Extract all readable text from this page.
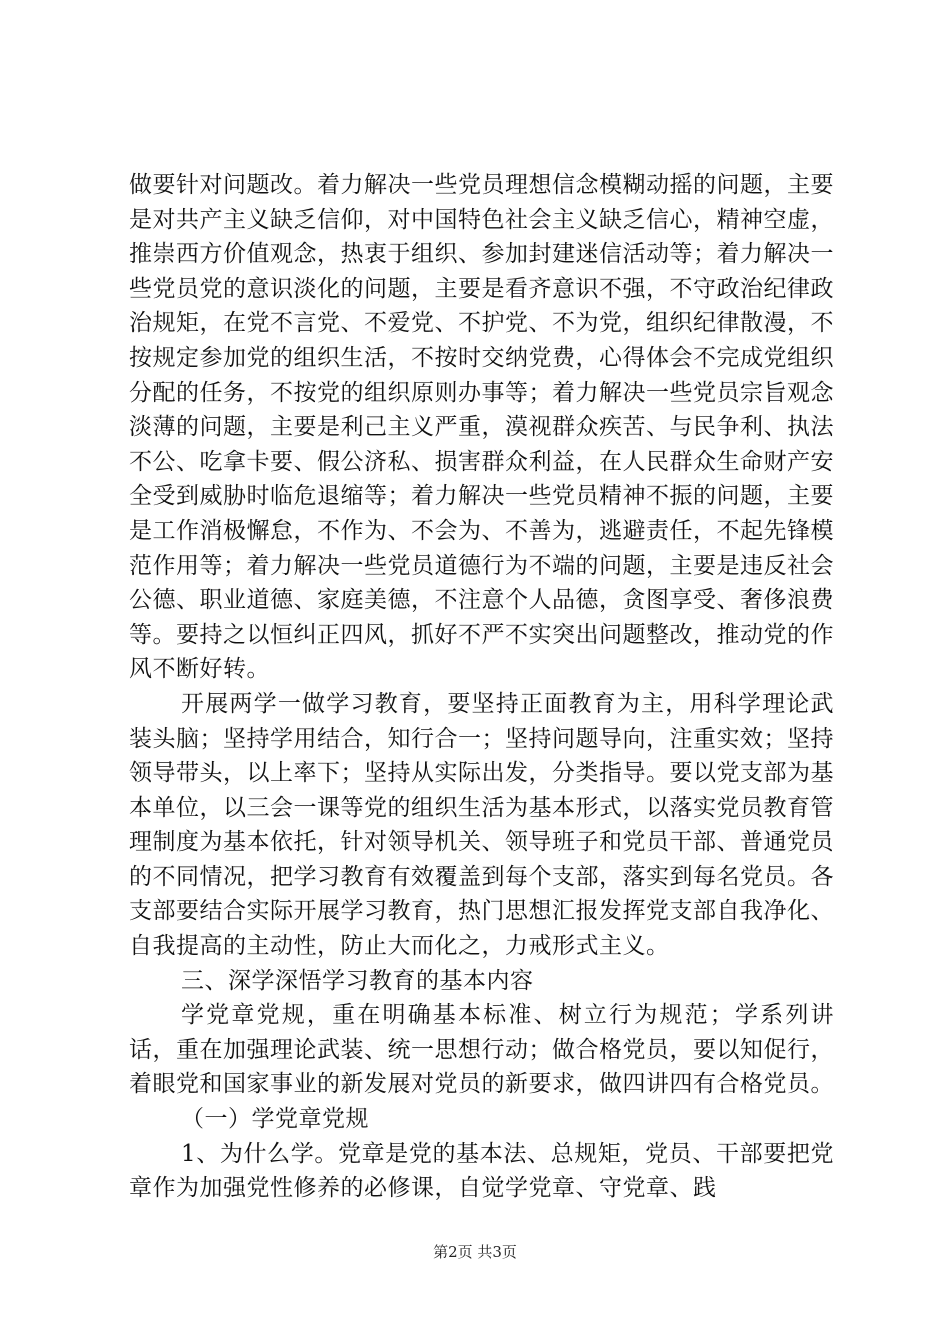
做要针对问题改。着力解决一些党员理想信念模糊动摇的问题，主要是对共产主义缺乏信仰，对中国特色社会主义缺乏信心，精神空虚，推崇西方价值观念，热衷于组织、参加封建迷信活动等；着力解决一些党员党的意识淡化的问题，主要是看齐意识不强，不守政治纪律政治规矩，在党不言党、不爱党、不护党、不为党，组织纪律散漫，不按规定参加党的组织生活，不按时交纳党费，心得体会不完成党组织分配的任务，不按党的组织原则办事等；着力解决一些党员宗旨观念淡薄的问题，主要是利己主义严重，漠视群众疾苦、与民争利、执法不公、吃拿卡要、假公济私、损害群众利益，在人民群众生命财产安全受到威胁时临危退缩等；着力解决一些党员精神不振的问题，主要是工作消极懈怠，不作为、不会为、不善为，逃避责任，不起先锋模范作用等；着力解决一些党员道德行为不端的问题，主要是违反社会公德、职业道德、家庭美德，不注意个人品德，贪图享受、奢侈浪费等。要持之以恒纠正四风，抓好不严不实突出问题整改，推动党的作风不断好转。

开展两学一做学习教育，要坚持正面教育为主，用科学理论武装头脑；坚持学用结合，知行合一；坚持问题导向，注重实效；坚持领导带头，以上率下；坚持从实际出发，分类指导。要以党支部为基本单位，以三会一课等党的组织生活为基本形式，以落实党员教育管理制度为基本依托，针对领导机关、领导班子和党员干部、普通党员的不同情况，把学习教育有效覆盖到每个支部，落实到每名党员。各支部要结合实际开展学习教育，热门思想汇报发挥党支部自我净化、自我提高的主动性，防止大而化之，力戒形式主义。

三、深学深悟学习教育的基本内容

学党章党规，重在明确基本标准、树立行为规范；学系列讲话，重在加强理论武装、统一思想行动；做合格党员，要以知促行，着眼党和国家事业的新发展对党员的新要求，做四讲四有合格党员。

（一）学党章党规

1、为什么学。党章是党的基本法、总规矩，党员、干部要把党章作为加强党性修养的必修课，自觉学党章、守党章、践

第2页 共3页
